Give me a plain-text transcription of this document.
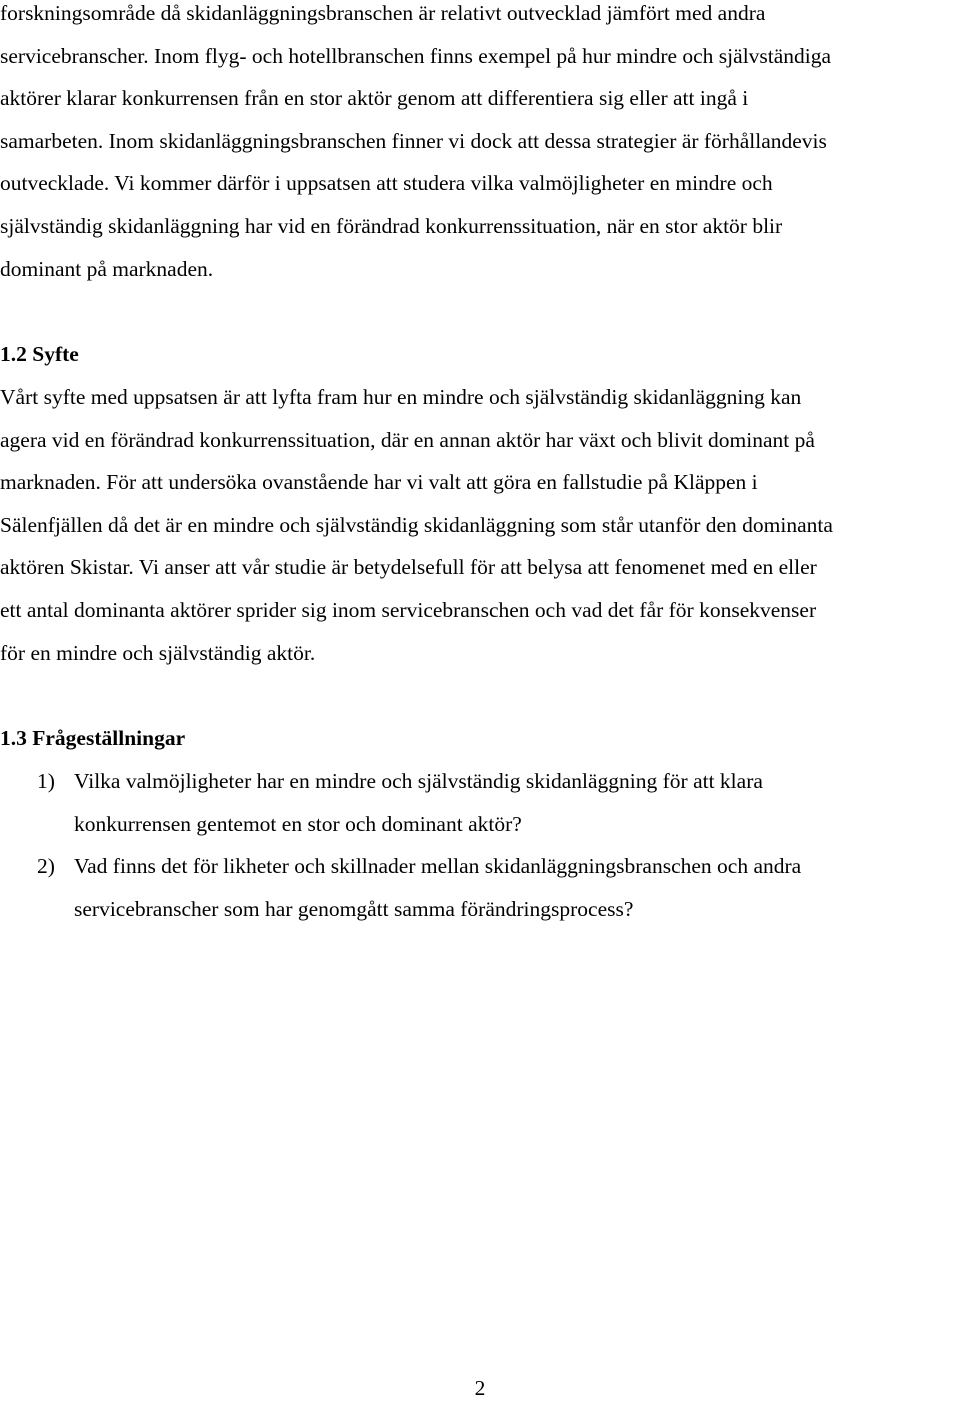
forskningsområde då skidanläggningsbranschen är relativt outvecklad jämfört med andra
servicebranscher. Inom flyg- och hotellbranschen finns exempel på hur mindre och självständiga
aktörer klarar konkurrensen från en stor aktör genom att differentiera sig eller att ingå i
samarbeten. Inom skidanläggningsbranschen finner vi dock att dessa strategier är förhållandevis
outvecklade. Vi kommer därför i uppsatsen att studera vilka valmöjligheter en mindre och
självständig skidanläggning har vid en förändrad konkurrenssituation, när en stor aktör blir
dominant på marknaden.

1.2 Syfte

Vårt syfte med uppsatsen är att lyfta fram hur en mindre och självständig skidanläggning kan
agera vid en förändrad konkurrenssituation, där en annan aktör har växt och blivit dominant på
marknaden. För att undersöka ovanstående har vi valt att göra en fallstudie på Kläppen i
Sälenfjällen då det är en mindre och självständig skidanläggning som står utanför den dominanta
aktören Skistar. Vi anser att vår studie är betydelsefull för att belysa att fenomenet med en eller
ett antal dominanta aktörer sprider sig inom servicebranschen och vad det får för konsekvenser
för en mindre och självständig aktör.

1.3 Frågeställningar
1) Vilka valmöjligheter har en mindre och självständig skidanläggning för att klara
konkurrensen gentemot en stor och dominant aktör?
2) Vad finns det för likheter och skillnader mellan skidanläggningsbranschen och andra
servicebranscher som har genomgått samma förändringsprocess?
2
